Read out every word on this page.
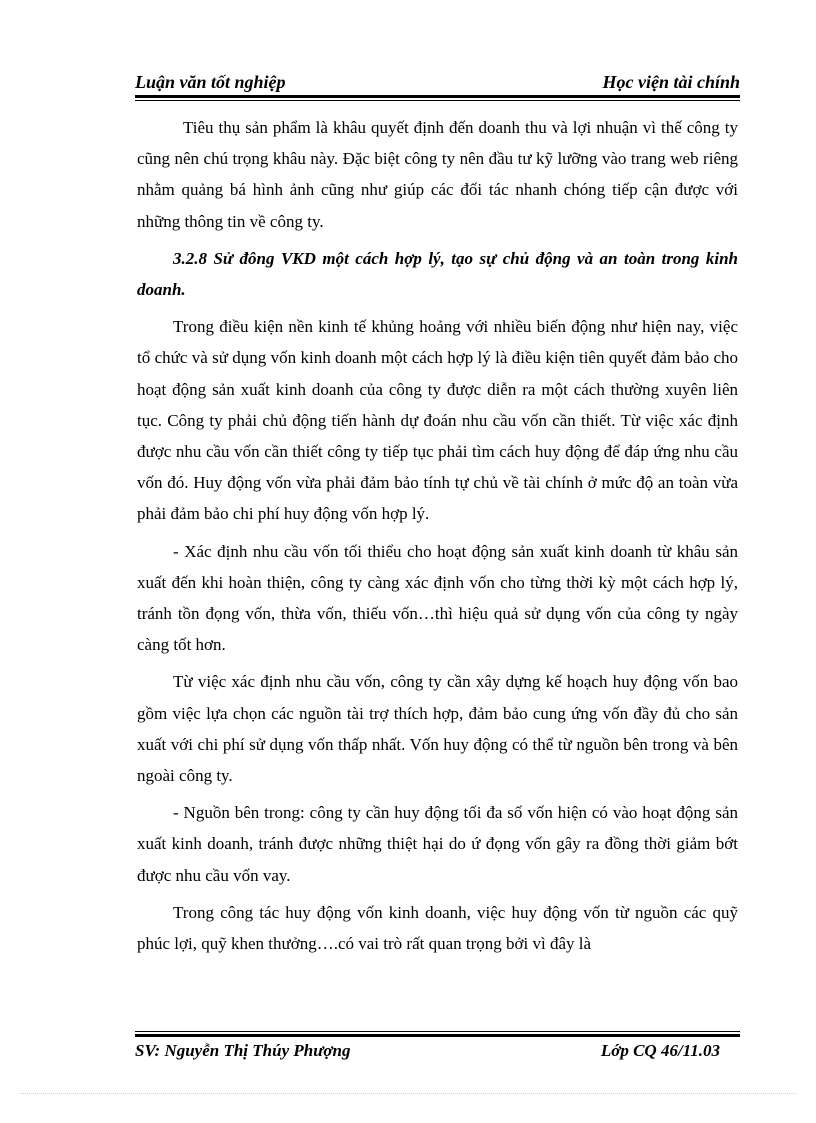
Luận văn tốt nghiệp	Học viện tài chính

Tiêu thụ sản phẩm là khâu quyết định đến doanh thu và lợi nhuận vì thế công ty cũng nên chú trọng khâu này. Đặc biệt công ty nên đầu tư kỹ lưỡng vào trang web riêng nhằm quảng bá hình ảnh cũng như giúp các đối tác nhanh chóng tiếp cận được với những thông tin về công ty.

3.2.8 Sử đông VKD một cách hợp lý, tạo sự chủ động và an toàn trong kinh doanh.

Trong điều kiện nền kinh tế khủng hoảng với nhiều biến động như hiện nay, việc tổ chức và sử dụng vốn kinh doanh một cách hợp lý là điều kiện tiên quyết đảm bảo cho hoạt động sản xuất kinh doanh của công ty được diễn ra một cách thường xuyên liên tục. Công ty phải chủ động tiến hành dự đoán nhu cầu vốn cần thiết. Từ việc xác định được nhu cầu vốn cần thiết công ty tiếp tục phải tìm cách huy động để đáp ứng nhu cầu vốn đó. Huy động vốn vừa phải đảm bảo tính tự chủ về tài chính ở mức độ an toàn vừa phải đảm bảo chi phí huy động vốn hợp lý.

- Xác định nhu cầu vốn tối thiểu cho hoạt động sản xuất kinh doanh từ khâu sản xuất đến khi hoàn thiện, công ty càng xác định vốn cho từng thời kỳ một cách hợp lý, tránh tồn đọng vốn, thừa vốn, thiếu vốn…thì hiệu quả sử dụng vốn của công ty ngày càng tốt hơn.

Từ việc xác định nhu cầu vốn, công ty cần xây dựng kế hoạch huy động vốn bao gồm việc lựa chọn các nguồn tài trợ thích hợp, đảm bảo cung ứng vốn đầy đủ cho sản xuất với chi phí sử dụng vốn thấp nhất. Vốn huy động có thể từ nguồn bên trong và bên ngoài công ty.

- Nguồn bên trong: công ty cần huy động tối đa số vốn hiện có vào hoạt động sản xuất kinh doanh, tránh được những thiệt hại do ứ đọng vốn gây ra đồng thời giảm bớt được nhu cầu vốn vay.

Trong công tác huy động vốn kinh doanh, việc huy động vốn từ nguồn các quỹ phúc lợi, quỹ khen thưởng….có vai trò rất quan trọng bởi vì đây là

SV: Nguyễn Thị Thúy Phượng	Lớp CQ 46/11.03
